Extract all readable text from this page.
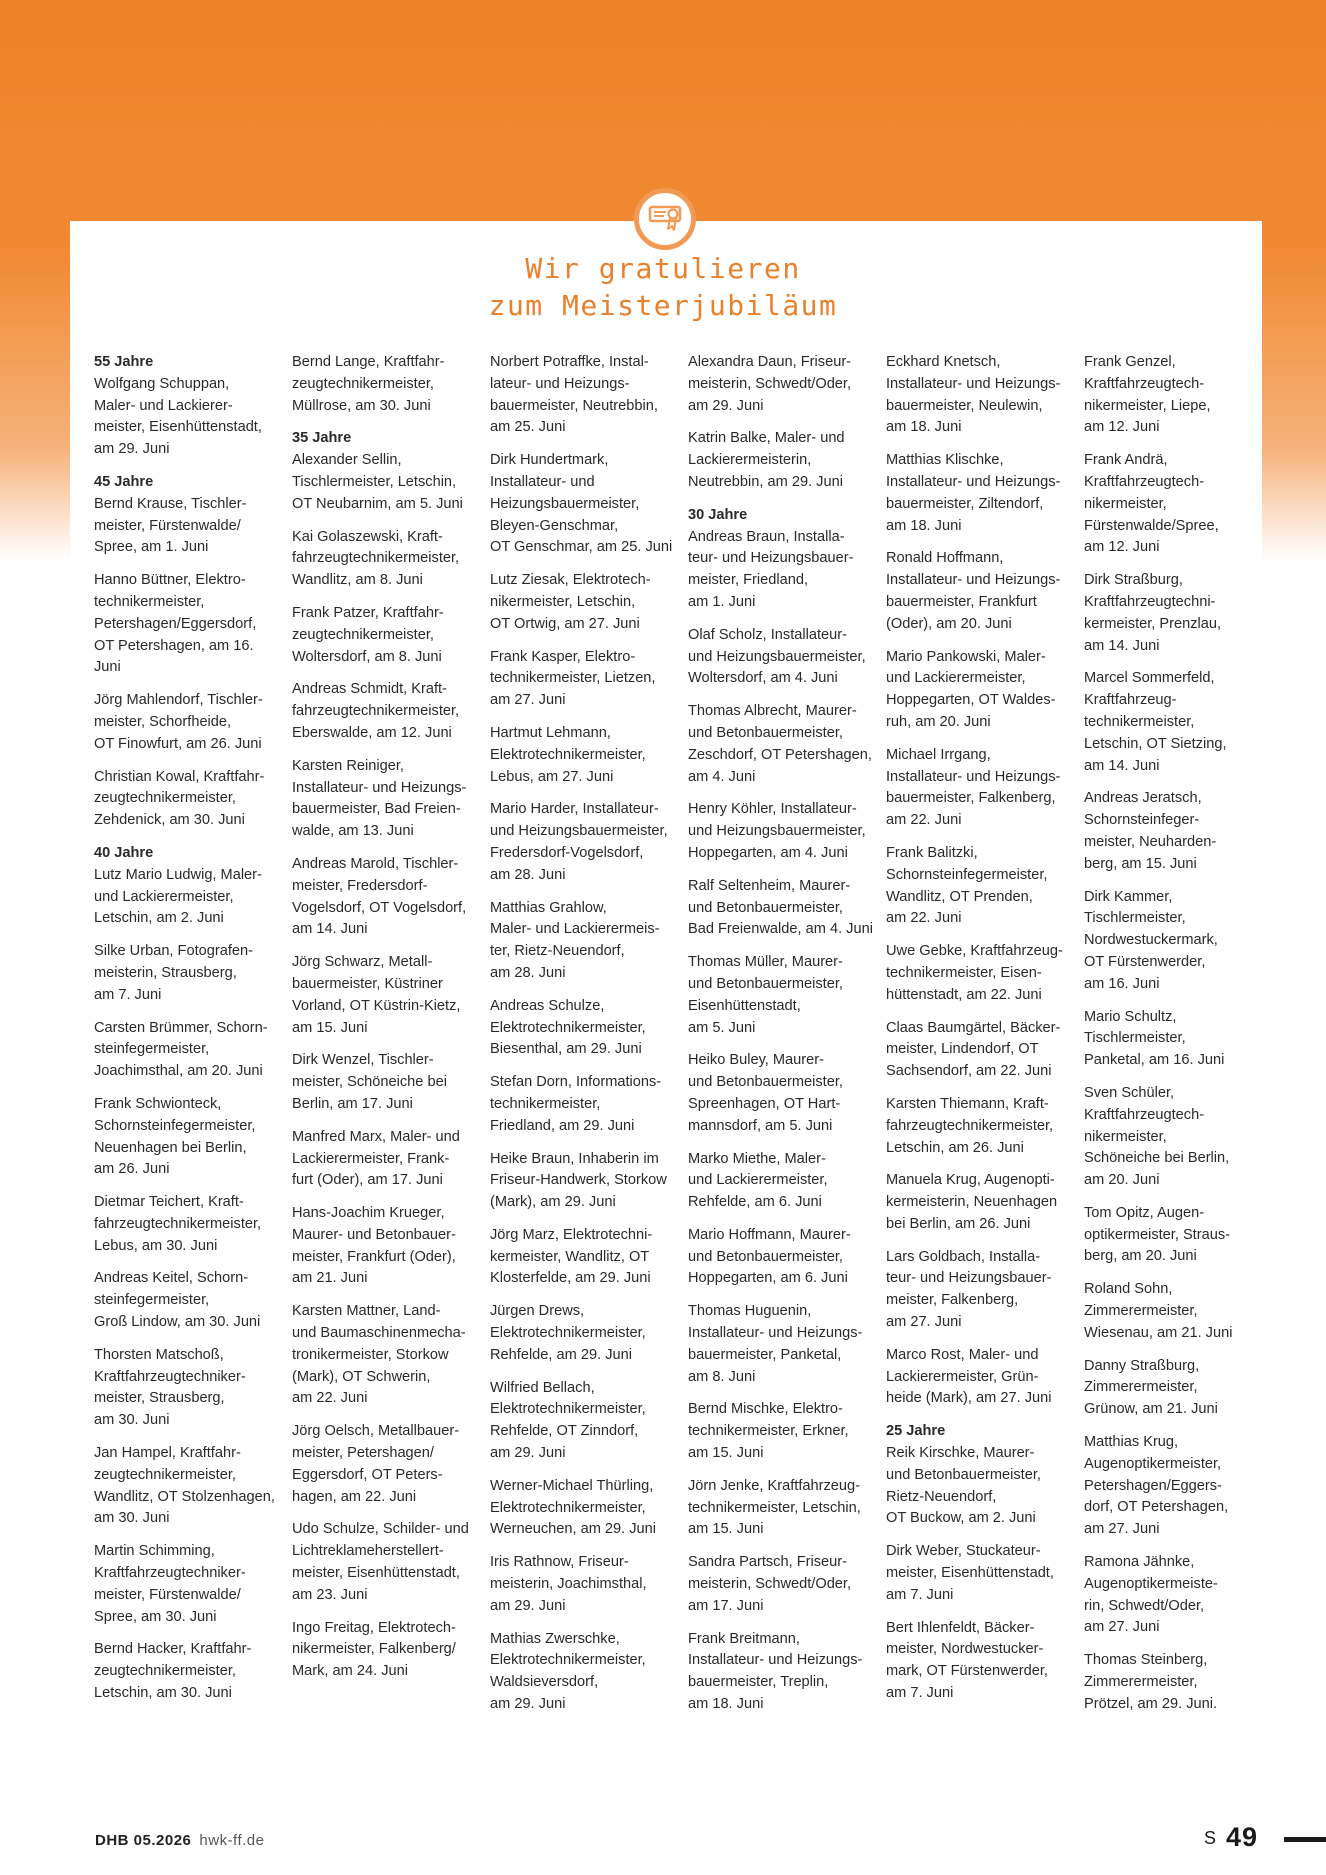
Wir gratulieren
zum Meisterjubiläum
55 Jahre
Wolfgang Schuppan,
Maler- und Lackierer-
meister, Eisenhüttenstadt,
am 29. Juni
45 Jahre
Bernd Krause, Tischler-
meister, Fürstenwalde/
Spree, am 1. Juni
Hanno Büttner, Elektro-
technikermeister,
Petershagen/Eggersdorf,
OT Petershagen, am 16. Juni
Jörg Mahlendorf, Tischler-
meister, Schorfheide,
OT Finowfurt, am 26. Juni
Christian Kowal, Kraftfahr-
zeugtechnikermeister,
Zehdenick, am 30. Juni
40 Jahre
Lutz Mario Ludwig, Maler-
und Lackierermeister,
Letschin, am 2. Juni
Silke Urban, Fotografen-
meisterin, Strausberg,
am 7. Juni
Carsten Brümmer, Schorn-
steinfegermeister,
Joachimsthal, am 20. Juni
Frank Schwionteck,
Schornsteinfegermeister,
Neuenhagen bei Berlin,
am 26. Juni
Dietmar Teichert, Kraft-
fahrzeugtechnikermeister,
Lebus, am 30. Juni
Andreas Keitel, Schorn-
steinfegermeister,
Groß Lindow, am 30. Juni
Thorsten Matschoß,
Kraftfahrzeugtechniker-
meister, Strausberg,
am 30. Juni
Jan Hampel, Kraftfahr-
zeugtechnikermeister,
Wandlitz, OT Stolzenhagen,
am 30. Juni
Martin Schimming,
Kraftfahrzeugtechniker-
meister, Fürstenwalde/
Spree, am 30. Juni
Bernd Hacker, Kraftfahr-
zeugtechnikermeister,
Letschin, am 30. Juni
Bernd Lange, Kraftfahr-
zeugtechnikermeister,
Müllrose, am 30. Juni
35 Jahre
Alexander Sellin,
Tischlermeister, Letschin,
OT Neubarnim, am 5. Juni
Kai Golaszewski, Kraft-
fahrzeugtechnikermeister,
Wandlitz, am 8. Juni
Frank Patzer, Kraftfahr-
zeugtechnikermeister,
Woltersdorf, am 8. Juni
Andreas Schmidt, Kraft-
fahrzeugtechnikermeister,
Eberswalde, am 12. Juni
Karsten Reiniger,
Installateur- und Heizungs-
bauermeister, Bad Freien-
walde, am 13. Juni
Andreas Marold, Tischler-
meister, Fredersdorf-
Vogelsdorf, OT Vogelsdorf,
am 14. Juni
Jörg Schwarz, Metall-
bauermeister, Küstriner
Vorland, OT Küstrin-Kietz,
am 15. Juni
Dirk Wenzel, Tischler-
meister, Schöneiche bei
Berlin, am 17. Juni
Manfred Marx, Maler- und
Lackierermeister, Frank-
furt (Oder), am 17. Juni
Hans-Joachim Krueger,
Maurer- und Betonbauer-
meister, Frankfurt (Oder),
am 21. Juni
Karsten Mattner, Land-
und Baumaschinenmecha-
tronikermeister, Storkow
(Mark), OT Schwerin,
am 22. Juni
Jörg Oelsch, Metallbauer-
meister, Petershagen/
Eggersdorf, OT Peters-
hagen, am 22. Juni
Udo Schulze, Schilder- und
Lichtreklameherstellert-
meister, Eisenhüttenstadt,
am 23. Juni
Ingo Freitag, Elektrotech-
nikermeister, Falkenberg/
Mark, am 24. Juni
Norbert Potraffke, Instal-
lateur- und Heizungs-
bauermeister, Neutrebbin,
am 25. Juni
Dirk Hundertmark,
Installateur- und
Heizungsbauermeister,
Bleyen-Genschmar,
OT Genschmar, am 25. Juni
Lutz Ziesak, Elektrotech-
nikermeister, Letschin,
OT Ortwig, am 27. Juni
Frank Kasper, Elektro-
technikermeister, Lietzen,
am 27. Juni
Hartmut Lehmann,
Elektrotechnikermeister,
Lebus, am 27. Juni
Mario Harder, Installateur-
und Heizungsbauermeister,
Fredersdorf-Vogelsdorf,
am 28. Juni
Matthias Grahlow,
Maler- und Lackierermeis-
ter, Rietz-Neuendorf,
am 28. Juni
Andreas Schulze,
Elektrotechnikermeister,
Biesenthal, am 29. Juni
Stefan Dorn, Informations-
technikermeister,
Friedland, am 29. Juni
Heike Braun, Inhaberin im
Friseur-Handwerk, Storkow
(Mark), am 29. Juni
Jörg Marz, Elektrotechni-
kermeister, Wandlitz, OT
Klosterfelde, am 29. Juni
Jürgen Drews,
Elektrotechnikermeister,
Rehfelde, am 29. Juni
Wilfried Bellach,
Elektrotechnikermeister,
Rehfelde, OT Zinndorf,
am 29. Juni
Werner-Michael Thürling,
Elektrotechnikermeister,
Werneuchen, am 29. Juni
Iris Rathnow, Friseur-
meisterin, Joachimsthal,
am 29. Juni
Mathias Zwerschke,
Elektrotechnikermeister,
Waldsieversdorf,
am 29. Juni
Alexandra Daun, Friseur-
meisterin, Schwedt/Oder,
am 29. Juni
Katrin Balke, Maler- und
Lackierermeisterin,
Neutrebbin, am 29. Juni
30 Jahre
Andreas Braun, Installa-
teur- und Heizungsbauer-
meister, Friedland,
am 1. Juni
Olaf Scholz, Installateur-
und Heizungsbauermeister,
Woltersdorf, am 4. Juni
Thomas Albrecht, Maurer-
und Betonbauermeister,
Zeschdorf, OT Petershagen,
am 4. Juni
Henry Köhler, Installateur-
und Heizungsbauermeister,
Hoppegarten, am 4. Juni
Ralf Seltenheim, Maurer-
und Betonbauermeister,
Bad Freienwalde, am 4. Juni
Thomas Müller, Maurer-
und Betonbauermeister,
Eisenhüttenstadt,
am 5. Juni
Heiko Buley, Maurer-
und Betonbauermeister,
Spreenhagen, OT Hart-
mannsdorf, am 5. Juni
Marko Miethe, Maler-
und Lackierermeister,
Rehfelde, am 6. Juni
Mario Hoffmann, Maurer-
und Betonbauermeister,
Hoppegarten, am 6. Juni
Thomas Huguenin,
Installateur- und Heizungs-
bauermeister, Panketal,
am 8. Juni
Bernd Mischke, Elektro-
technikermeister, Erkner,
am 15. Juni
Jörn Jenke, Kraftfahrzeug-
technikermeister, Letschin,
am 15. Juni
Sandra Partsch, Friseur-
meisterin, Schwedt/Oder,
am 17. Juni
Frank Breitmann,
Installateur- und Heizungs-
bauermeister, Treplin,
am 18. Juni
Eckhard Knetsch,
Installateur- und Heizungs-
bauermeister, Neulewin,
am 18. Juni
Matthias Klischke,
Installateur- und Heizungs-
bauermeister, Ziltendorf,
am 18. Juni
Ronald Hoffmann,
Installateur- und Heizungs-
bauermeister, Frankfurt
(Oder), am 20. Juni
Mario Pankowski, Maler-
und Lackierermeister,
Hoppegarten, OT Waldes-
ruh, am 20. Juni
Michael Irrgang,
Installateur- und Heizungs-
bauermeister, Falkenberg,
am 22. Juni
Frank Balitzki,
Schornsteinfegermeister,
Wandlitz, OT Prenden,
am 22. Juni
Uwe Gebke, Kraftfahrzeug-
technikermeister, Eisen-
hüttenstadt, am 22. Juni
Claas Baumgärtel, Bäcker-
meister, Lindendorf, OT
Sachsendorf, am 22. Juni
Karsten Thiemann, Kraft-
fahrzeugtechnikermeister,
Letschin, am 26. Juni
Manuela Krug, Augenopti-
kermeisterin, Neuenhagen
bei Berlin, am 26. Juni
Lars Goldbach, Installa-
teur- und Heizungsbauer-
meister, Falkenberg,
am 27. Juni
Marco Rost, Maler- und
Lackierermeister, Grün-
heide (Mark), am 27. Juni
25 Jahre
Reik Kirschke, Maurer-
und Betonbauermeister,
Rietz-Neuendorf,
OT Buckow, am 2. Juni
Dirk Weber, Stuckateur-
meister, Eisenhüttenstadt,
am 7. Juni
Bert Ihlenfeldt, Bäcker-
meister, Nordwestucker-
mark, OT Fürstenwerder,
am 7. Juni
Frank Genzel,
Kraftfahrzeugtech-
nikermeister, Liepe,
am 12. Juni
Frank Andrä,
Kraftfahrzeugtech-
nikermeister,
Fürstenwalde/Spree,
am 12. Juni
Dirk Straßburg,
Kraftfahrzeugtechni-
kermeister, Prenzlau,
am 14. Juni
Marcel Sommerfeld,
Kraftfahrzeug-
technikermeister,
Letschin, OT Sietzing,
am 14. Juni
Andreas Jeratsch,
Schornsteinfeger-
meister, Neuharden-
berg, am 15. Juni
Dirk Kammer,
Tischlermeister,
Nordwestuckermark,
OT Fürstenwerder,
am 16. Juni
Mario Schultz,
Tischlermeister,
Panketal, am 16. Juni
Sven Schüler,
Kraftfahrzeugtech-
nikermeister,
Schöneiche bei Berlin,
am 20. Juni
Tom Opitz, Augen-
optikermeister, Straus-
berg, am 20. Juni
Roland Sohn,
Zimmerermeister,
Wiesenau, am 21. Juni
Danny Straßburg,
Zimmerermeister,
Grünow, am 21. Juni
Matthias Krug,
Augenoptikermeister,
Petershagen/Eggers-
dorf, OT Petershagen,
am 27. Juni
Ramona Jähnke,
Augenoptikermeiste-
rin, Schwedt/Oder,
am 27. Juni
Thomas Steinberg,
Zimmerermeister,
Prötzel, am 29. Juni.
DHB 05.2026 hwk-ff.de	S 49
